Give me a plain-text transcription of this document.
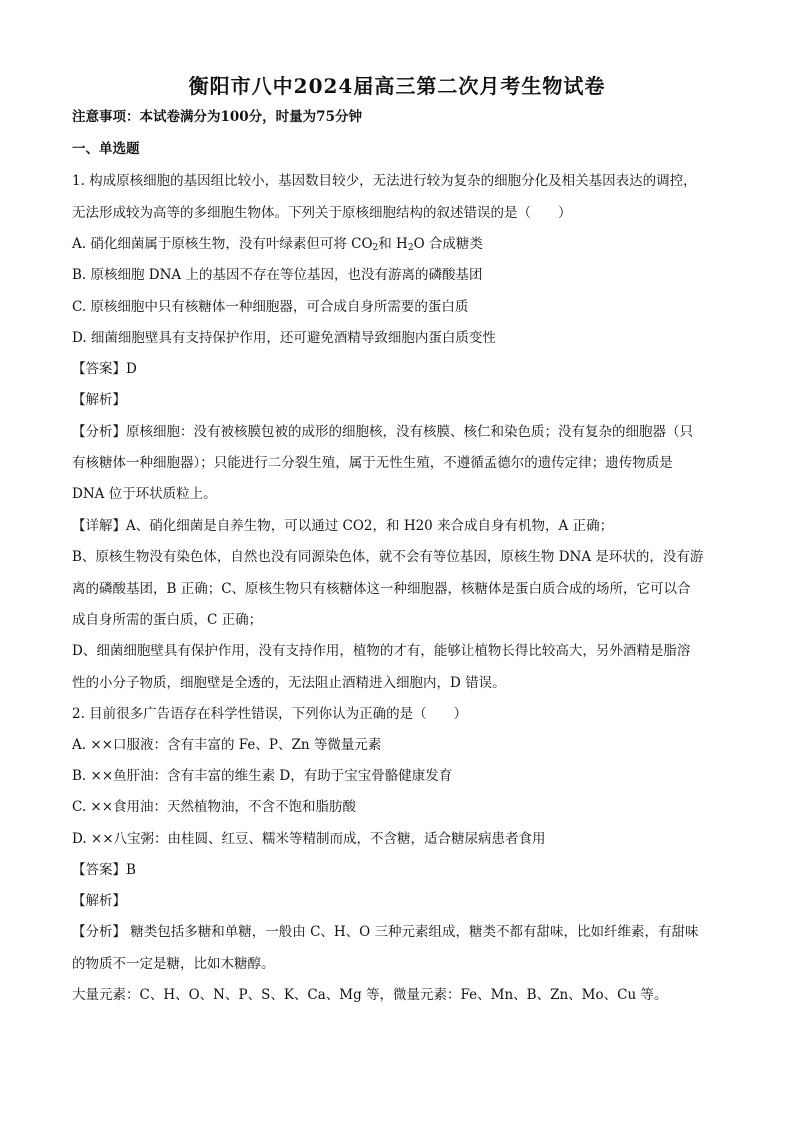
衡阳市八中2024届高三第二次月考生物试卷
注意事项：本试卷满分为100分，时量为75分钟
一、单选题
1. 构成原核细胞的基因组比较小，基因数目较少，无法进行较为复杂的细胞分化及相关基因表达的调控，
无法形成较为高等的多细胞生物体。下列关于原核细胞结构的叙述错误的是（　　）
A. 硝化细菌属于原核生物，没有叶绿素但可将 $CO_2$和 $H_2O$ 合成糖类
B. 原核细胞 DNA 上的基因不存在等位基因，也没有游离的磷酸基团
C. 原核细胞中只有核糖体一种细胞器，可合成自身所需要的蛋白质
D. 细菌细胞壁具有支持保护作用，还可避免酒精导致细胞内蛋白质变性
【答案】D
【解析】
【分析】原核细胞：没有被核膜包被的成形的细胞核，没有核膜、核仁和染色质；没有复杂的细胞器（只
有核糖体一种细胞器）；只能进行二分裂生殖，属于无性生殖，不遵循孟德尔的遗传定律；遗传物质是
DNA 位于环状质粒上。
【详解】A、硝化细菌是自养生物，可以通过 CO2，和 H20 来合成自身有机物，A 正确；
B、原核生物没有染色体，自然也没有同源染色体，就不会有等位基因，原核生物 DNA 是环状的，没有游
离的磷酸基团，B 正确；C、原核生物只有核糖体这一种细胞器，核糖体是蛋白质合成的场所，它可以合
成自身所需的蛋白质，C 正确；
D、细菌细胞壁具有保护作用，没有支持作用，植物的才有，能够让植物长得比较高大，另外酒精是脂溶
性的小分子物质，细胞壁是全透的，无法阻止酒精进入细胞内，D 错误。
2. 目前很多广告语存在科学性错误，下列你认为正确的是（　　）
A. ××口服液：含有丰富的 Fe、P、Zn 等微量元素
B. ××鱼肝油：含有丰富的维生素 D，有助于宝宝骨骼健康发育
C. ××食用油：天然植物油，不含不饱和脂肪酸
D. ××八宝粥：由桂圆、红豆、糯米等精制而成，不含糖，适合糖尿病患者食用
【答案】B
【解析】
【分析】 糖类包括多糖和单糖，一般由 C、H、O 三种元素组成，糖类不都有甜味，比如纤维素，有甜味
的物质不一定是糖，比如木糖醇。
大量元素：C、H、O、N、P、S、K、Ca、Mg 等，微量元素：Fe、Mn、B、Zn、Mo、Cu 等。
